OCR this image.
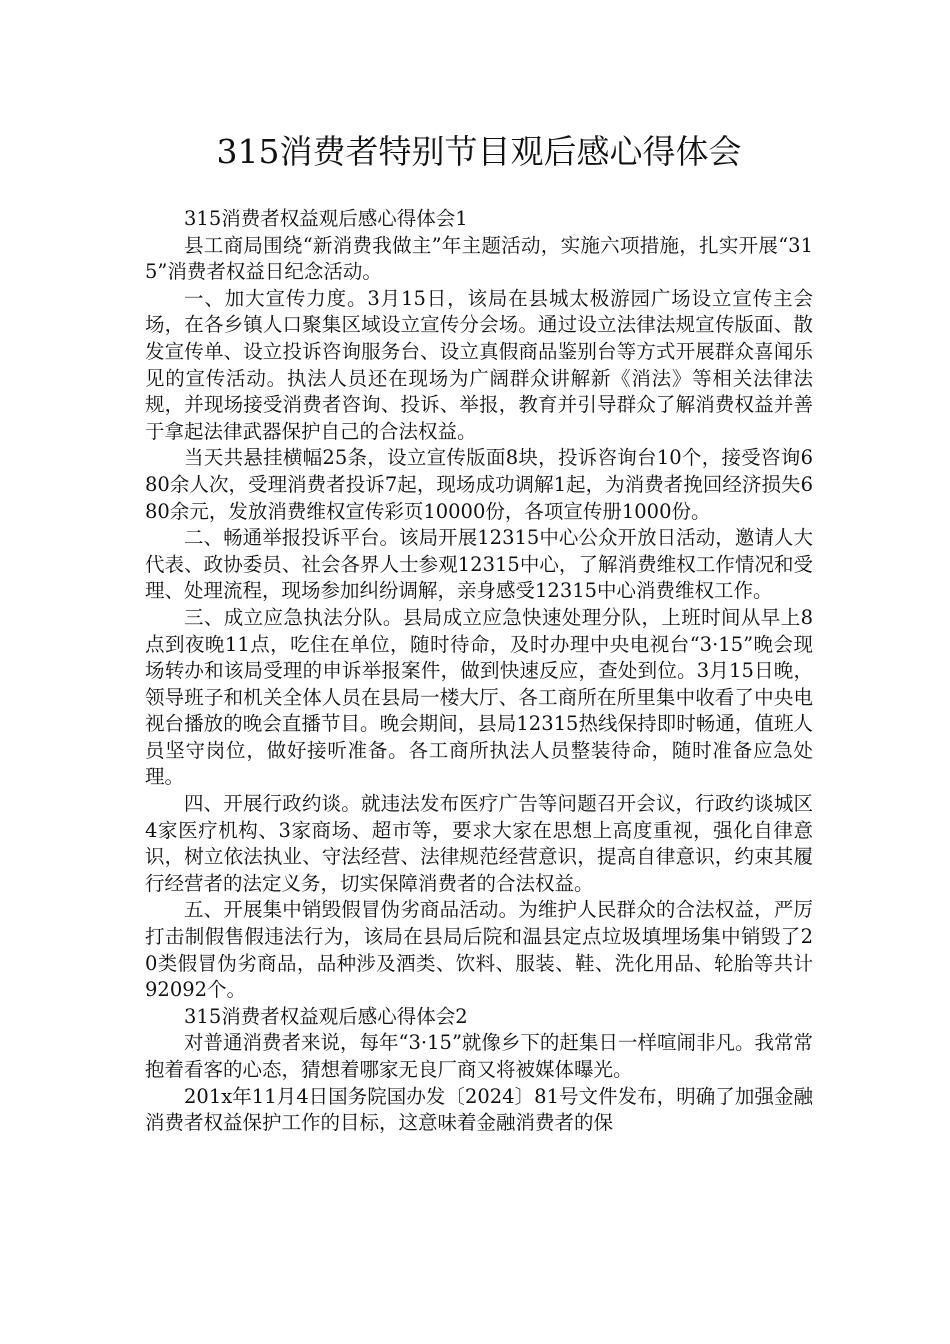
315消费者特别节目观后感心得体会

315消费者权益观后感心得体会1

县工商局围绕“新消费我做主”年主题活动，实施六项措施，扎实开展“315”消费者权益日纪念活动。

一、加大宣传力度。3月15日，该局在县城太极游园广场设立宣传主会场，在各乡镇人口聚集区域设立宣传分会场。通过设立法律法规宣传版面、散发宣传单、设立投诉咨询服务台、设立真假商品鉴别台等方式开展群众喜闻乐见的宣传活动。执法人员还在现场为广阔群众讲解新《消法》等相关法律法规，并现场接受消费者咨询、投诉、举报，教育并引导群众了解消费权益并善于拿起法律武器保护自己的合法权益。

当天共悬挂横幅25条，设立宣传版面8块，投诉咨询台10个，接受咨询680余人次，受理消费者投诉7起，现场成功调解1起，为消费者挽回经济损失680余元，发放消费维权宣传彩页10000份，各项宣传册1000份。

二、畅通举报投诉平台。该局开展12315中心公众开放日活动，邀请人大代表、政协委员、社会各界人士参观12315中心，了解消费维权工作情况和受理、处理流程，现场参加纠纷调解，亲身感受12315中心消费维权工作。

三、成立应急执法分队。县局成立应急快速处理分队，上班时间从早上8点到夜晚11点，吃住在单位，随时待命，及时办理中央电视台“3·15”晚会现场转办和该局受理的申诉举报案件，做到快速反应，查处到位。3月15日晚，领导班子和机关全体人员在县局一楼大厅、各工商所在所里集中收看了中央电视台播放的晚会直播节目。晚会期间，县局12315热线保持即时畅通，值班人员坚守岗位，做好接听准备。各工商所执法人员整装待命，随时准备应急处理。

四、开展行政约谈。就违法发布医疗广告等问题召开会议，行政约谈城区4家医疗机构、3家商场、超市等，要求大家在思想上高度重视，强化自律意识，树立依法执业、守法经营、法律规范经营意识，提高自律意识，约束其履行经营者的法定义务，切实保障消费者的合法权益。

五、开展集中销毁假冒伪劣商品活动。为维护人民群众的合法权益，严厉打击制假售假违法行为，该局在县局后院和温县定点垃圾填埋场集中销毁了20类假冒伪劣商品，品种涉及酒类、饮料、服装、鞋、洗化用品、轮胎等共计92092个。

315消费者权益观后感心得体会2

对普通消费者来说，每年“3·15”就像乡下的赶集日一样喧闹非凡。我常常抱着看客的心态，猜想着哪家无良厂商又将被媒体曝光。

201x年11月4日国务院国办发〔2024〕81号文件发布，明确了加强金融消费者权益保护工作的目标，这意味着金融消费者的保
